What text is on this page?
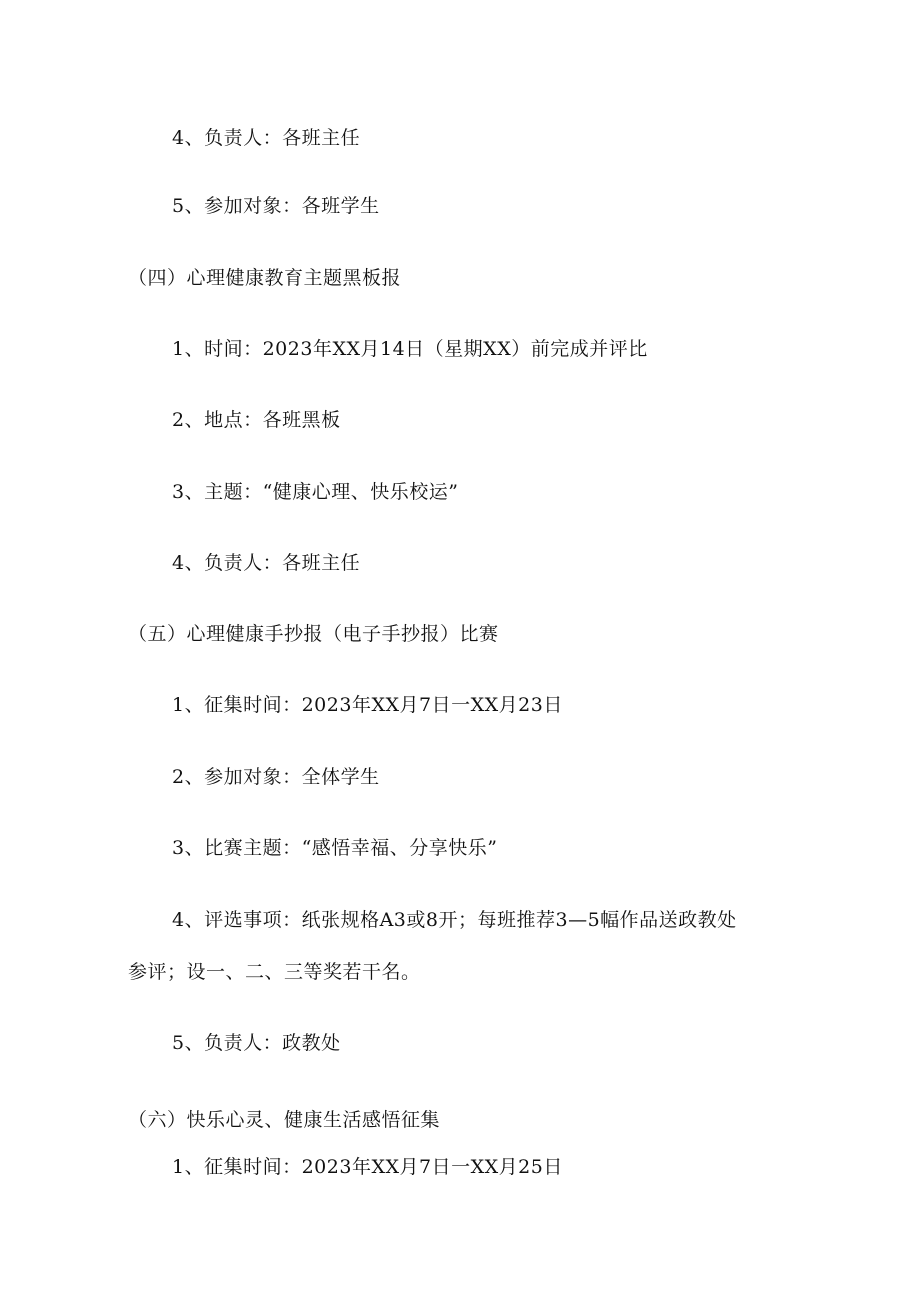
4、负责人：各班主任
5、参加对象：各班学生
（四）心理健康教育主题黑板报
1、时间：2023年XX月14日（星期XX）前完成并评比
2、地点：各班黑板
3、主题：“健康心理、快乐校运”
4、负责人：各班主任
（五）心理健康手抄报（电子手抄报）比赛
1、征集时间：2023年XX月7日一XX月23日
2、参加对象：全体学生
3、比赛主题：“感悟幸福、分享快乐”
4、评选事项：纸张规格A3或8开；每班推荐3—5幅作品送政教处
参评；设一、二、三等奖若干名。
5、负责人：政教处
（六）快乐心灵、健康生活感悟征集
1、征集时间：2023年XX月7日一XX月25日
